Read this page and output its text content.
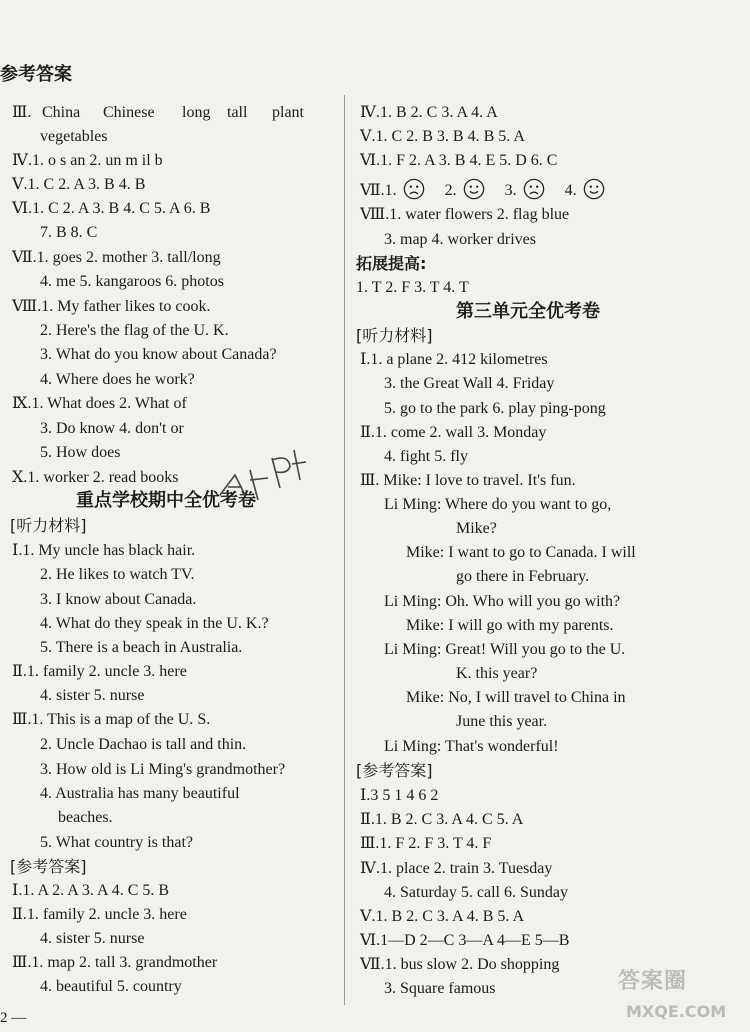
参考答案
Ⅲ. China Chinese long tall plant
vegetables
Ⅳ.1. o s an 2. un m il b
Ⅴ.1. C 2. A 3. B 4. B
Ⅵ.1. C 2. A 3. B 4. C 5. A 6. B
7. B 8. C
Ⅶ.1. goes 2. mother 3. tall/long
4. me 5. kangaroos 6. photos
Ⅷ.1. My father likes to cook.
2. Here's the flag of the U. K.
3. What do you know about Canada?
4. Where does he work?
Ⅸ.1. What does 2. What of
3. Do know 4. don't or
5. How does
Ⅹ.1. worker 2. read books
重点学校期中全优考卷
[听力材料]
Ⅰ.1. My uncle has black hair.
2. He likes to watch TV.
3. I know about Canada.
4. What do they speak in the U. K.?
5. There is a beach in Australia.
Ⅱ.1. family 2. uncle 3. here
4. sister 5. nurse
Ⅲ.1. This is a map of the U. S.
2. Uncle Dachao is tall and thin.
3. How old is Li Ming's grandmother?
4. Australia has many beautiful
beaches.
5. What country is that?
[参考答案]
Ⅰ.1. A 2. A 3. A 4. C 5. B
Ⅱ.1. family 2. uncle 3. here
4. sister 5. nurse
Ⅲ.1. map 2. tall 3. grandmother
4. beautiful 5. country
2 —
Ⅳ.1. B 2. C 3. A 4. A
Ⅴ.1. C 2. B 3. B 4. B 5. A
Ⅵ.1. F 2. A 3. B 4. E 5. D 6. C
Ⅶ.1.	2.	3.	4.
Ⅷ.1. water flowers 2. flag blue
3. map 4. worker drives
拓展提高:
1. T 2. F 3. T 4. T
第三单元全优考卷
[听力材料]
Ⅰ.1. a plane 2. 412 kilometres
3. the Great Wall 4. Friday
5. go to the park 6. play ping-pong
Ⅱ.1. come 2. wall 3. Monday
4. fight 5. fly
Ⅲ. Mike: I love to travel. It's fun.
Li Ming: Where do you want to go,
Mike?
Mike: I want to go to Canada. I will
go there in February.
Li Ming: Oh. Who will you go with?
Mike: I will go with my parents.
Li Ming: Great! Will you go to the U.
K. this year?
Mike: No, I will travel to China in
June this year.
Li Ming: That's wonderful!
[参考答案]
Ⅰ.3 5 1 4 6 2
Ⅱ.1. B 2. C 3. A 4. C 5. A
Ⅲ.1. F 2. F 3. T 4. F
Ⅳ.1. place 2. train 3. Tuesday
4. Saturday 5. call 6. Sunday
Ⅴ.1. B 2. C 3. A 4. B 5. A
Ⅵ.1—D 2—C 3—A 4—E 5—B
Ⅶ.1. bus slow 2. Do shopping
3. Square famous	答案圈
MXQE.COM
